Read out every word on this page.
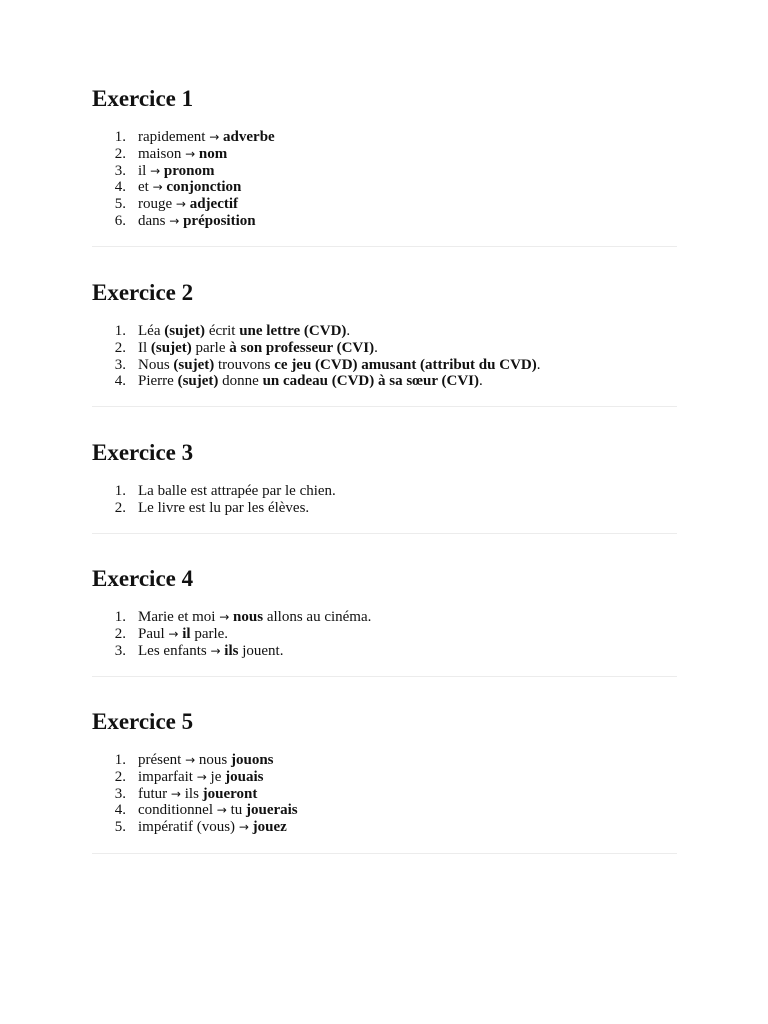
Exercice 1
1. rapidement → adverbe
2. maison → nom
3. il → pronom
4. et → conjonction
5. rouge → adjectif
6. dans → préposition
Exercice 2
1. Léa (sujet) écrit une lettre (CVD).
2. Il (sujet) parle à son professeur (CVI).
3. Nous (sujet) trouvons ce jeu (CVD) amusant (attribut du CVD).
4. Pierre (sujet) donne un cadeau (CVD) à sa sœur (CVI).
Exercice 3
1. La balle est attrapée par le chien.
2. Le livre est lu par les élèves.
Exercice 4
1. Marie et moi → nous allons au cinéma.
2. Paul → il parle.
3. Les enfants → ils jouent.
Exercice 5
1. présent → nous jouons
2. imparfait → je jouais
3. futur → ils joueront
4. conditionnel → tu jouerais
5. impératif (vous) → jouez
